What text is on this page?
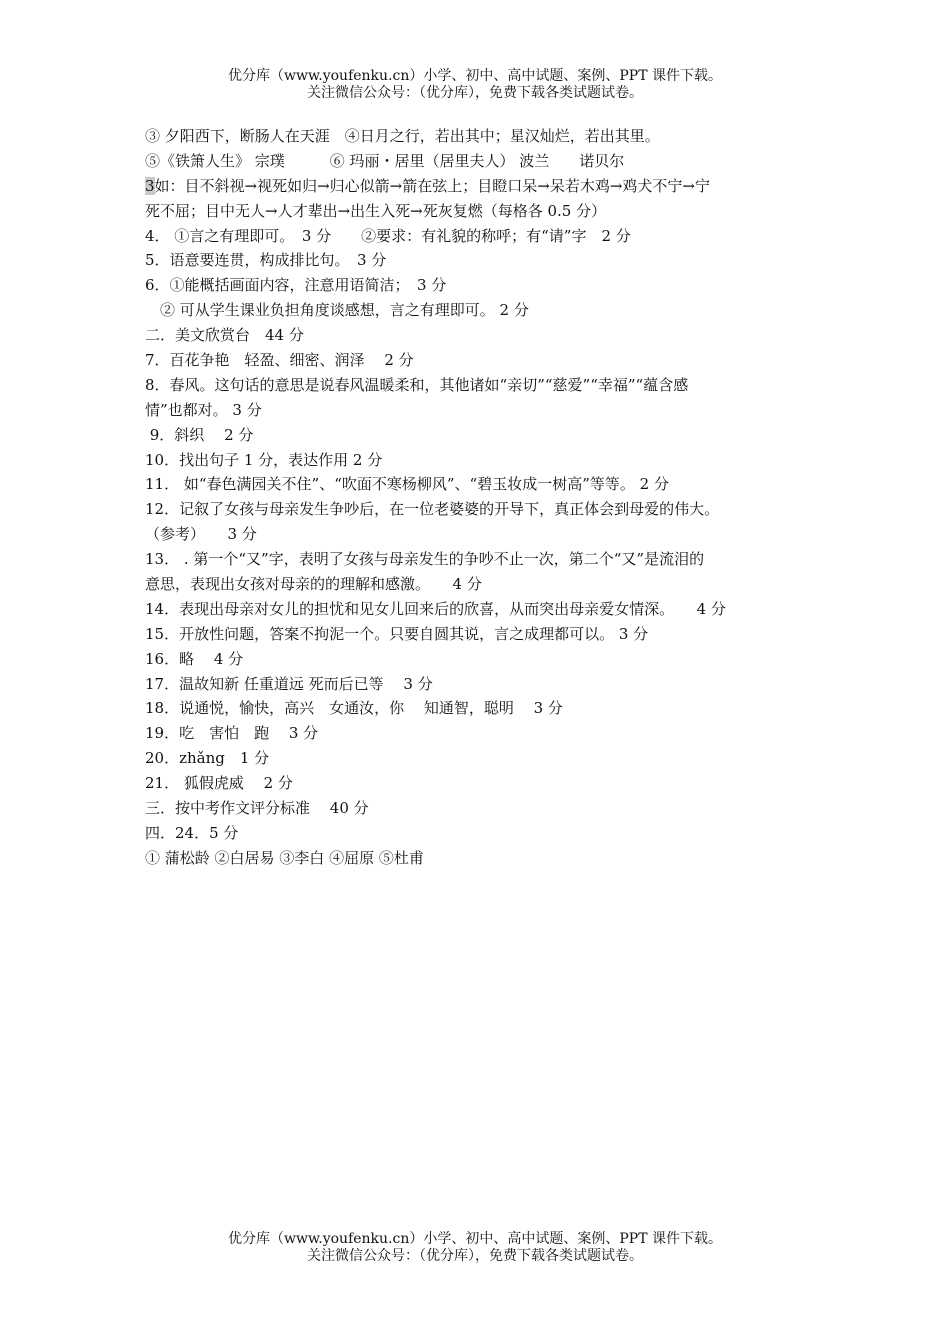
优分库（www.youfenku.cn）小学、初中、高中试题、案例、PPT 课件下载。
关注微信公众号：（优分库），免费下载各类试题试卷。
③ 夕阳西下，断肠人在天涯　④日月之行，若出其中；星汉灿烂，若出其里。
⑤《铁箫人生》 宗璞　　　⑥ 玛丽・居里（居里夫人） 波兰　　诺贝尔
3如：目不斜视→视死如归→归心似箭→箭在弦上；目瞪口呆→呆若木鸡→鸡犬不宁→宁
死不屈；目中无人→人才辈出→出生入死→死灰复燃（每格各 0.5 分）
4． ①言之有理即可。　3 分　　②要求：有礼貌的称呼；有“请”字　2 分
5．语意要连贯，构成排比句。　3 分
6．①能概括画面内容，注意用语简洁；　3 分
　② 可从学生课业负担角度谈感想，言之有理即可。 2 分
二．美文欣赏台　44 分
7．百花争艳　轻盈、细密、润泽　 2 分
8．春风。这句话的意思是说春风温暖柔和，其他诸如“亲切”“慈爱”“幸福”“蕴含感
情”也都对。 3 分
9．斜织　 2 分
10．找出句子 1 分，表达作用 2 分
11． 如“春色满园关不住”、“吹面不寒杨柳风”、“碧玉妆成一树高”等等。 2 分
12．记叙了女孩与母亲发生争吵后，在一位老婆婆的开导下，真正体会到母爱的伟大。
（参考）　　3 分
13． . 第一个“又”字，表明了女孩与母亲发生的争吵不止一次，第二个“又”是流泪的
意思，表现出女孩对母亲的的理解和感激。　　4 分
14．表现出母亲对女儿的担忧和见女儿回来后的欣喜，从而突出母亲爱女情深。　　4 分
15．开放性问题，答案不拘泥一个。只要自圆其说，言之成理都可以。 3 分
16．略　 4 分
17．温故知新 任重道远 死而后已等　 3 分
18．说通悦，愉快，高兴　女通汝，你　 知通智，聪明　 3 分
19．吃　害怕　跑　 3 分
20．zhǎng　1 分
21． 狐假虎威　 2 分
三．按中考作文评分标准　 40 分
四．24．5 分
① 蒲松龄 ②白居易 ③李白 ④屈原 ⑤杜甫
优分库（www.youfenku.cn）小学、初中、高中试题、案例、PPT 课件下载。
关注微信公众号：（优分库），免费下载各类试题试卷。
